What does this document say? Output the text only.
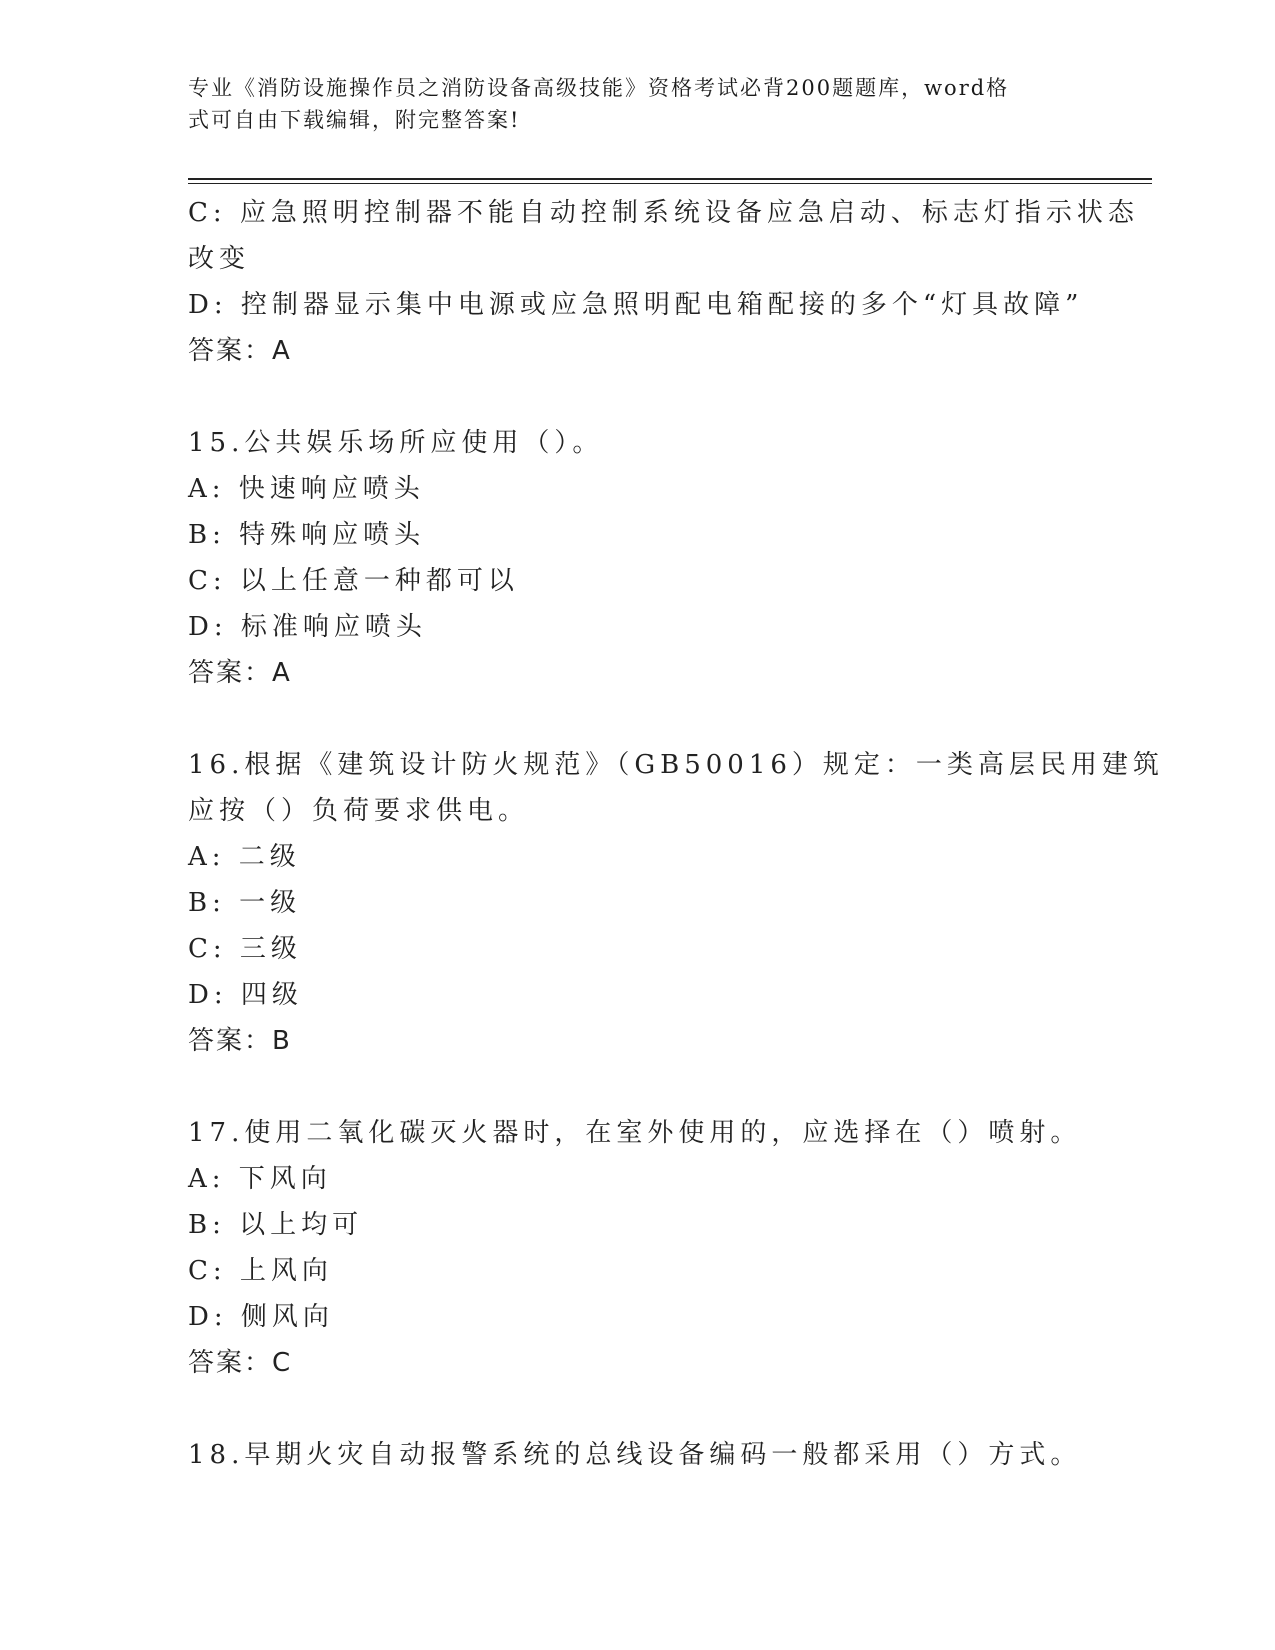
专业《消防设施操作员之消防设备高级技能》资格考试必背200题题库，word格
式可自由下载编辑，附完整答案!
C: 应急照明控制器不能自动控制系统设备应急启动、标志灯指示状态
改变
D: 控制器显示集中电源或应急照明配电箱配接的多个“灯具故障”
答案：A
15.公共娱乐场所应使用（）。
A: 快速响应喷头
B: 特殊响应喷头
C: 以上任意一种都可以
D: 标准响应喷头
答案：A
16.根据《建筑设计防火规范》（GB50016）规定：一类高层民用建筑
应按（）负荷要求供电。
A: 二级
B: 一级
C: 三级
D: 四级
答案：B
17.使用二氧化碳灭火器时，在室外使用的，应选择在（）喷射。
A: 下风向
B: 以上均可
C: 上风向
D: 侧风向
答案：C
18.早期火灾自动报警系统的总线设备编码一般都采用（）方式。
